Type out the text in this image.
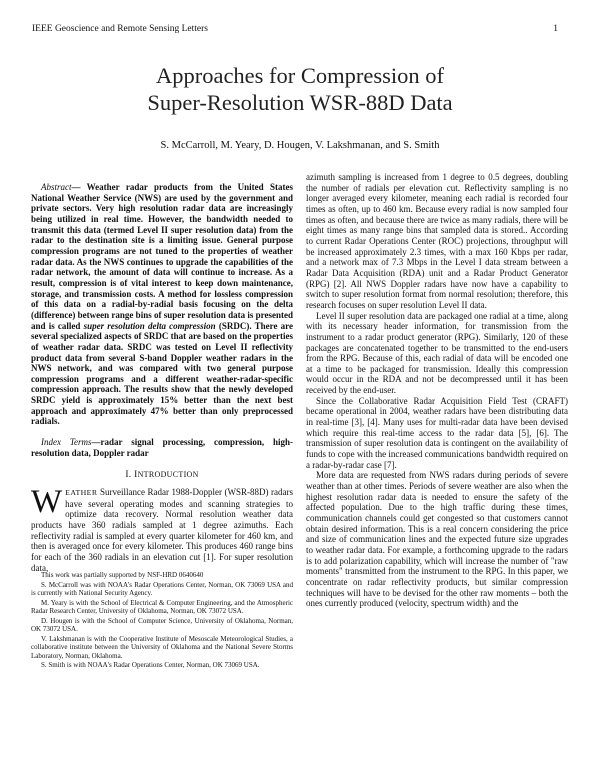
IEEE Geoscience and Remote Sensing Letters	1
Approaches for Compression of
Super-Resolution WSR-88D Data
S. McCarroll, M. Yeary, D. Hougen, V. Lakshmanan, and S. Smith

Abstract— Weather radar products from the United States National Weather Service (NWS) are used by the government and private sectors. Very high resolution radar data are increasingly being utilized in real time. However, the bandwidth needed to transmit this data (termed Level II super resolution data) from the radar to the destination site is a limiting issue. General purpose compression programs are not tuned to the properties of weather radar data. As the NWS continues to upgrade the capabilities of the radar network, the amount of data will continue to increase. As a result, compression is of vital interest to keep down maintenance, storage, and transmission costs. A method for lossless compression of this data on a radial-by-radial basis focusing on the delta (difference) between range bins of super resolution data is presented and is called super resolution delta compression (SRDC). There are several specialized aspects of SRDC that are based on the properties of weather radar data. SRDC was tested on Level II reflectivity product data from several S-band Doppler weather radars in the NWS network, and was compared with two general purpose compression programs and a different weather-radar-specific compression approach. The results show that the newly developed SRDC yield is approximately 15% better than the next best approach and approximately 47% better than only preprocessed radials.

Index Terms—radar signal processing, compression, high-resolution data, Doppler radar

I. INTRODUCTION

WEATHER Surveillance Radar 1988-Doppler (WSR-88D) radars have several operating modes and scanning strategies to optimize data recovery. Normal resolution weather data products have 360 radials sampled at 1 degree azimuths. Each reflectivity radial is sampled at every quarter kilometer for 460 km, and then is averaged once for every kilometer. This produces 460 range bins for each of the 360 radials in an elevation cut [1]. For super resolution data,

This work was partially supported by NSF-HRD 0640640

S. McCarroll was with NOAA's Radar Operations Center, Norman, OK 73069 USA and is currently with National Security Agency.

M. Yeary is with the School of Electrical & Computer Engineering, and the Atmospheric Radar Research Center, University of Oklahoma, Norman, OK 73072 USA.

D. Hougen is with the School of Computer Science, University of Oklahoma, Norman, OK 73072 USA.

V. Lakshmanan is with the Cooperative Institute of Mesoscale Meteorological Studies, a collaborative institute between the University of Oklahoma and the National Severe Storms Laboratory, Norman, Oklahoma.

S. Smith is with NOAA's Radar Operations Center, Norman, OK 73069 USA.

azimuth sampling is increased from 1 degree to 0.5 degrees, doubling the number of radials per elevation cut. Reflectivity sampling is no longer averaged every kilometer, meaning each radial is recorded four times as often, up to 460 km. Because every radial is now sampled four times as often, and because there are twice as many radials, there will be eight times as many range bins that sampled data is stored.. According to current Radar Operations Center (ROC) projections, throughput will be increased approximately 2.3 times, with a max 160 Kbps per radar, and a network max of 7.3 Mbps in the Level I data stream between a Radar Data Acquisition (RDA) unit and a Radar Product Generator (RPG) [2]. All NWS Doppler radars have now have a capability to switch to super resolution format from normal resolution; therefore, this research focuses on super resolution Level II data.

Level II super resolution data are packaged one radial at a time, along with its necessary header information, for transmission from the instrument to a radar product generator (RPG). Similarly, 120 of these packages are concatenated together to be transmitted to the end-users from the RPG. Because of this, each radial of data will be encoded one at a time to be packaged for transmission. Ideally this compression would occur in the RDA and not be decompressed until it has been received by the end-user.

Since the Collaborative Radar Acquisition Field Test (CRAFT) became operational in 2004, weather radars have been distributing data in real-time [3], [4]. Many uses for multi-radar data have been devised which require this real-time access to the radar data [5], [6]. The transmission of super resolution data is contingent on the availability of funds to cope with the increased communications bandwidth required on a radar-by-radar case [7].

More data are requested from NWS radars during periods of severe weather than at other times. Periods of severe weather are also when the highest resolution radar data is needed to ensure the safety of the affected population. Due to the high traffic during these times, communication channels could get congested so that customers cannot obtain desired information. This is a real concern considering the price and size of communication lines and the expected future size upgrades to weather radar data. For example, a forthcoming upgrade to the radars is to add polarization capability, which will increase the number of "raw moments" transmitted from the instrument to the RPG. In this paper, we concentrate on radar reflectivity products, but similar compression techniques will have to be devised for the other raw moments – both the ones currently produced (velocity, spectrum width) and the
